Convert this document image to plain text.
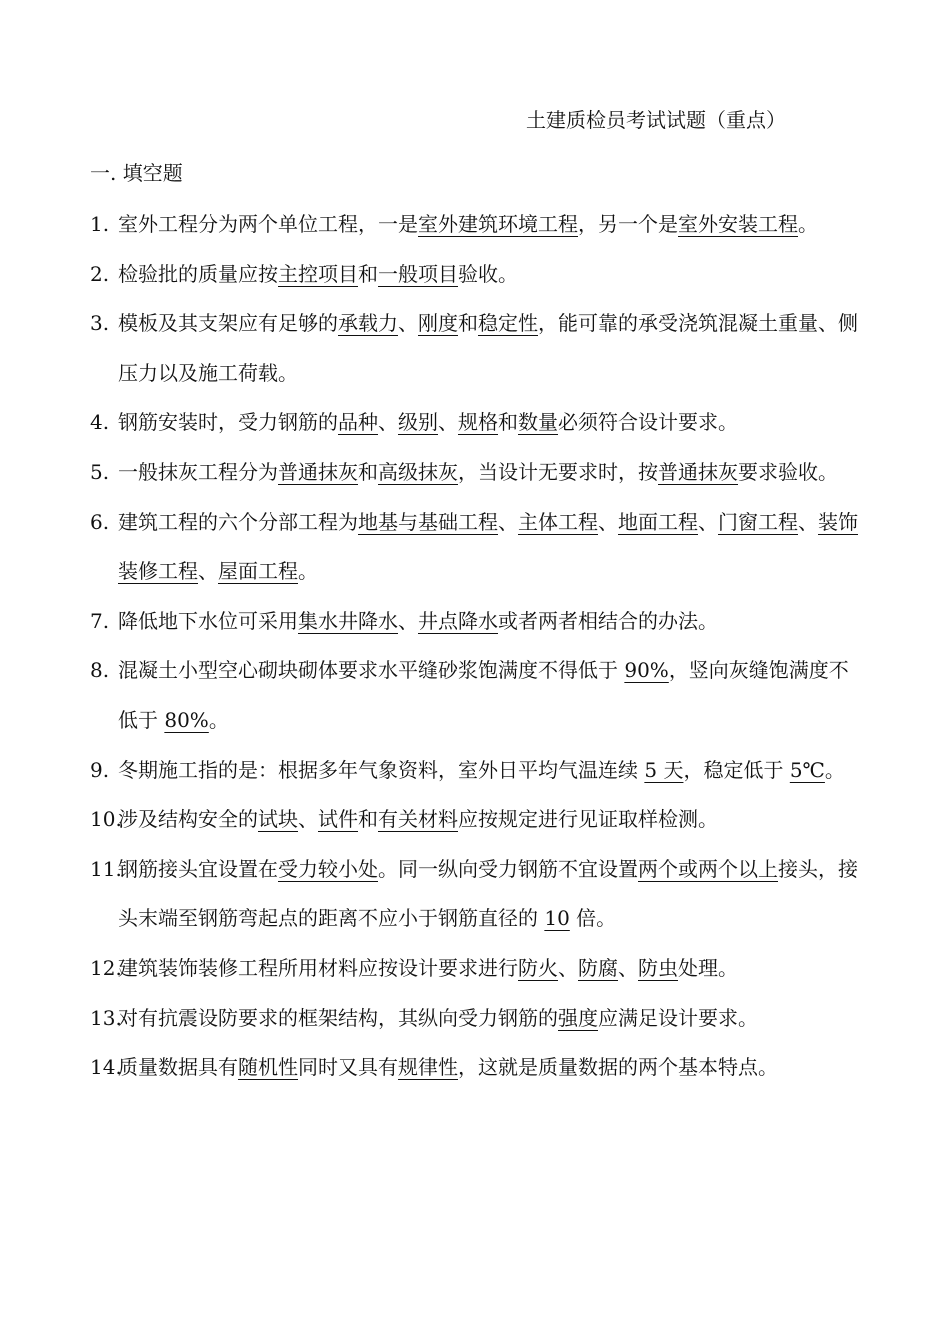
土建质检员考试试题（重点）
一. 填空题
1. 室外工程分为两个单位工程，一是室外建筑环境工程，另一个是室外安装工程。
2. 检验批的质量应按主控项目和一般项目验收。
3. 模板及其支架应有足够的承载力、刚度和稳定性，能可靠的承受浇筑混凝土重量、侧压力以及施工荷载。
4. 钢筋安装时，受力钢筋的品种、级别、规格和数量必须符合设计要求。
5. 一般抹灰工程分为普通抹灰和高级抹灰，当设计无要求时，按普通抹灰要求验收。
6. 建筑工程的六个分部工程为地基与基础工程、主体工程、地面工程、门窗工程、装饰装修工程、屋面工程。
7. 降低地下水位可采用集水井降水、井点降水或者两者相结合的办法。
8. 混凝土小型空心砌块砌体要求水平缝砂浆饱满度不得低于 90%，竖向灰缝饱满度不低于 80%。
9. 冬期施工指的是：根据多年气象资料，室外日平均气温连续 5 天，稳定低于 5℃。
10.
涉及结构安全的试块、试件和有关材料应按规定进行见证取样检测。
11.
钢筋接头宜设置在受力较小处。同一纵向受力钢筋不宜设置两个或两个以上接头，接头末端至钢筋弯起点的距离不应小于钢筋直径的 10 倍。
12.
建筑装饰装修工程所用材料应按设计要求进行防火、防腐、防虫处理。
13.
对有抗震设防要求的框架结构，其纵向受力钢筋的强度应满足设计要求。
14.
质量数据具有随机性同时又具有规律性，这就是质量数据的两个基本特点。
